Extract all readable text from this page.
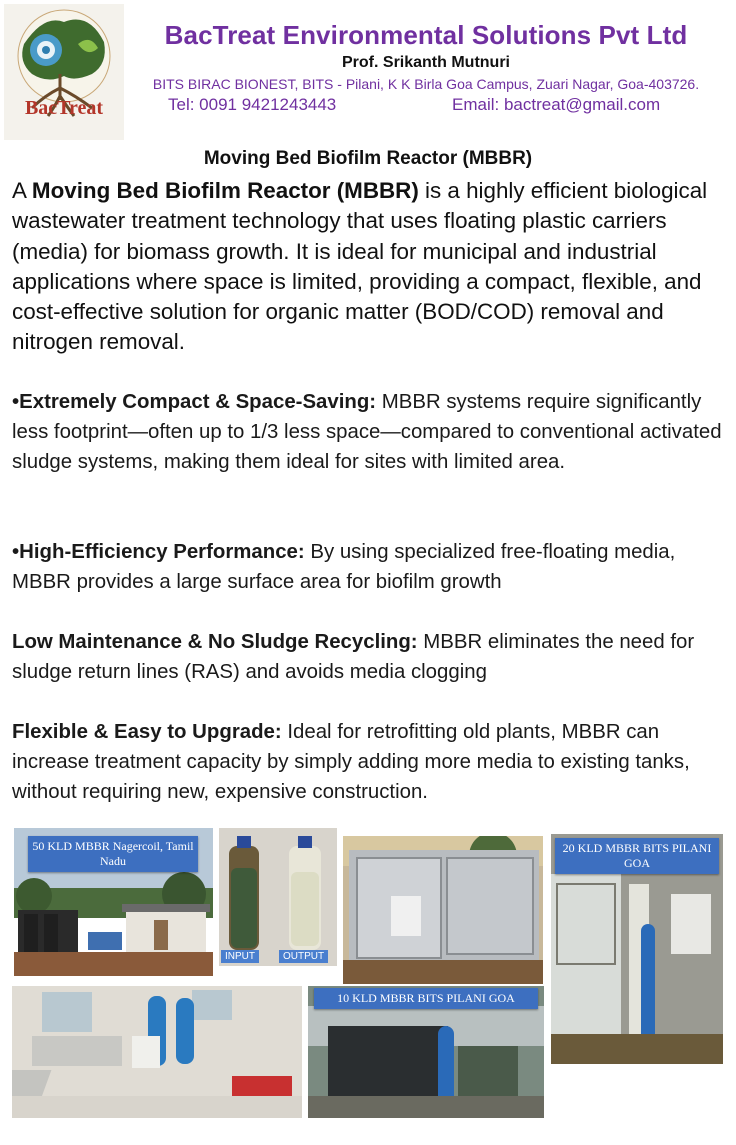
BacTreat
BacTreat Environmental Solutions Pvt Ltd
Prof. Srikanth Mutnuri
BITS BIRAC BIONEST, BITS - Pilani, K K Birla Goa Campus, Zuari Nagar, Goa-403726.
Tel: 0091 9421243443	Email: bactreat@gmail.com
Moving Bed Biofilm Reactor (MBBR)

A Moving Bed Biofilm Reactor (MBBR) is a highly efficient biological wastewater treatment technology that uses floating plastic carriers (media) for biomass growth. It is ideal for municipal and industrial applications where space is limited, providing a compact, flexible, and cost-effective solution for organic matter (BOD/COD) removal and nitrogen removal.

•Extremely Compact & Space-Saving: MBBR systems require significantly less footprint—often up to 1/3 less space—compared to conventional activated sludge systems, making them ideal for sites with limited area.

•High-Efficiency Performance: By using specialized free-floating media, MBBR provides a large surface area for biofilm growth

Low Maintenance & No Sludge Recycling: MBBR eliminates the need for sludge return lines (RAS) and avoids media clogging

Flexible & Easy to Upgrade: Ideal for retrofitting old plants, MBBR can increase treatment capacity by simply adding more media to existing tanks, without requiring new, expensive construction.

50 KLD MBBR Nagercoil, Tamil Nadu
INPUT	OUTPUT
20 KLD MBBR BITS PILANI GOA
10 KLD MBBR BITS PILANI GOA
